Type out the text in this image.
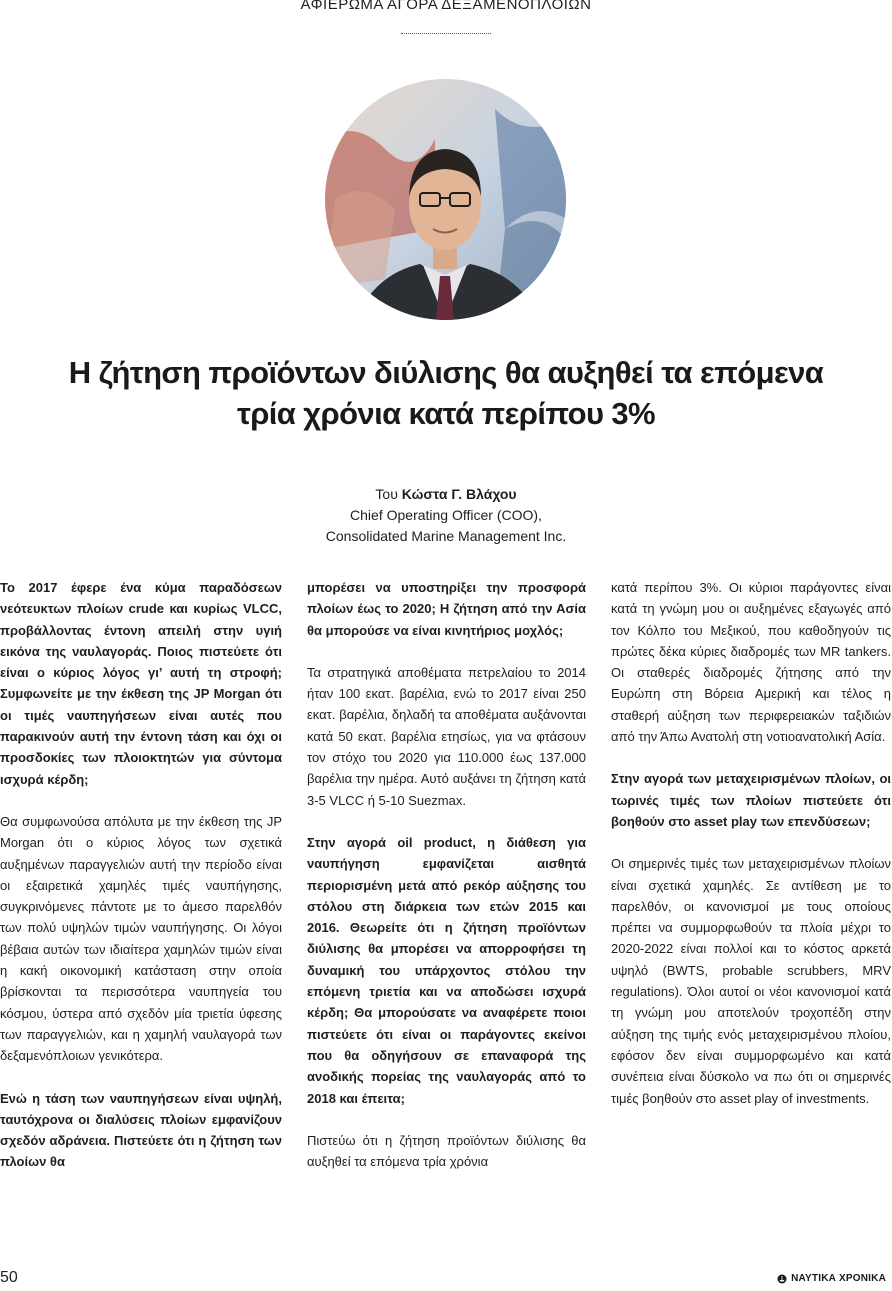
ΑΦΙΕΡΩΜΑ ΑΓΟΡΑ ΔΕΞΑΜΕΝΟΠΛΟΙΩΝ
Η ζήτηση προϊόντων διύλισης θα αυξηθεί τα επόμενα
τρία χρόνια κατά περίπου 3%
Του Κώστα Γ. Βλάχου
Chief Operating Officer (COO),
Consolidated Marine Management Inc.

Το 2017 έφερε ένα κύμα παραδόσεων νεότευκτων πλοίων crude και κυρίως VLCC, προβάλλοντας έντονη απειλή στην υγιή εικόνα της ναυλαγοράς. Ποιος πιστεύετε ότι είναι ο κύριος λόγος γι’ αυτή τη στροφή; Συμφωνείτε με την έκθεση της JP Morgan ότι οι τιμές ναυπηγήσεων είναι αυτές που παρακινούν αυτή την έντονη τάση και όχι οι προσδοκίες των πλοιοκτητών για σύντομα ισχυρά κέρδη;

Θα συμφωνούσα απόλυτα με την έκθεση της JP Morgan ότι ο κύριος λόγος των σχετικά αυξημένων παραγγελιών αυτή την περίοδο είναι οι εξαιρετικά χαμηλές τιμές ναυπήγησης, συγκρινόμενες πάντοτε με το άμεσο παρελθόν των πολύ υψηλών τιμών ναυπήγησης. Οι λόγοι βέβαια αυτών των ιδιαίτερα χαμηλών τιμών είναι η κακή οικονομική κατάσταση στην οποία βρίσκονται τα περισσότερα ναυπηγεία του κόσμου, ύστερα από σχεδόν μία τριετία ύφεσης των παραγγελιών, και η χαμηλή ναυλαγορά των δεξαμενόπλοιων γενικότερα.

Ενώ η τάση των ναυπηγήσεων είναι υψηλή, ταυτόχρονα οι διαλύσεις πλοίων εμφανίζουν σχεδόν αδράνεια. Πιστεύετε ότι η ζήτηση των πλοίων θα

μπορέσει να υποστηρίξει την προσφορά πλοίων έως το 2020; Η ζήτηση από την Ασία θα μπορούσε να είναι κινητήριος μοχλός;

Τα στρατηγικά αποθέματα πετρελαίου το 2014 ήταν 100 εκατ. βαρέλια, ενώ το 2017 είναι 250 εκατ. βαρέλια, δηλαδή τα αποθέματα αυξάνονται κατά 50 εκατ. βαρέλια ετησίως, για να φτάσουν τον στόχο του 2020 για 110.000 έως 137.000 βαρέλια την ημέρα. Αυτό αυξάνει τη ζήτηση κατά 3-5 VLCC ή 5-10 Suezmax.

Στην αγορά oil product, η διάθεση για ναυπήγηση εμφανίζεται αισθητά περιορισμένη μετά από ρεκόρ αύξησης του στόλου στη διάρκεια των ετών 2015 και 2016. Θεωρείτε ότι η ζήτηση προϊόντων διύλισης θα μπορέσει να απορροφήσει τη δυναμική του υπάρχοντος στόλου την επόμενη τριετία και να αποδώσει ισχυρά κέρδη; Θα μπορούσατε να αναφέρετε ποιοι πιστεύετε ότι είναι οι παράγοντες εκείνοι που θα οδηγήσουν σε επαναφορά της ανοδικής πορείας της ναυλαγοράς από το 2018 και έπειτα;

Πιστεύω ότι η ζήτηση προϊόντων διύλισης θα αυξηθεί τα επόμενα τρία χρόνια

κατά περίπου 3%. Οι κύριοι παράγοντες είναι κατά τη γνώμη μου οι αυξημένες εξαγωγές από τον Κόλπο του Μεξικού, που καθοδηγούν τις πρώτες δέκα κύριες διαδρομές των MR tankers. Οι σταθερές διαδρομές ζήτησης από την Ευρώπη στη Βόρεια Αμερική και τέλος η σταθερή αύξηση των περιφερειακών ταξιδιών από την Άπω Ανατολή στη νοτιοανατολική Ασία.

Στην αγορά των μεταχειρισμένων πλοίων, οι τωρινές τιμές των πλοίων πιστεύετε ότι βοηθούν στο asset play των επενδύσεων;

Οι σημερινές τιμές των μεταχειρισμένων πλοίων είναι σχετικά χαμηλές. Σε αντίθεση με το παρελθόν, οι κανονισμοί με τους οποίους πρέπει να συμμορφωθούν τα πλοία μέχρι το 2020-2022 είναι πολλοί και το κόστος αρκετά υψηλό (BWTS, probable scrubbers, MRV regulations). Όλοι αυτοί οι νέοι κανονισμοί κατά τη γνώμη μου αποτελούν τροχοπέδη στην αύξηση της τιμής ενός μεταχειρισμένου πλοίου, εφόσον δεν είναι συμμορφωμένο και κατά συνέπεια είναι δύσκολο να πω ότι οι σημερινές τιμές βοηθούν στο asset play of investments.

50	ΝΑΥΤΙΚΑ ΧΡΟΝΙΚΑ
